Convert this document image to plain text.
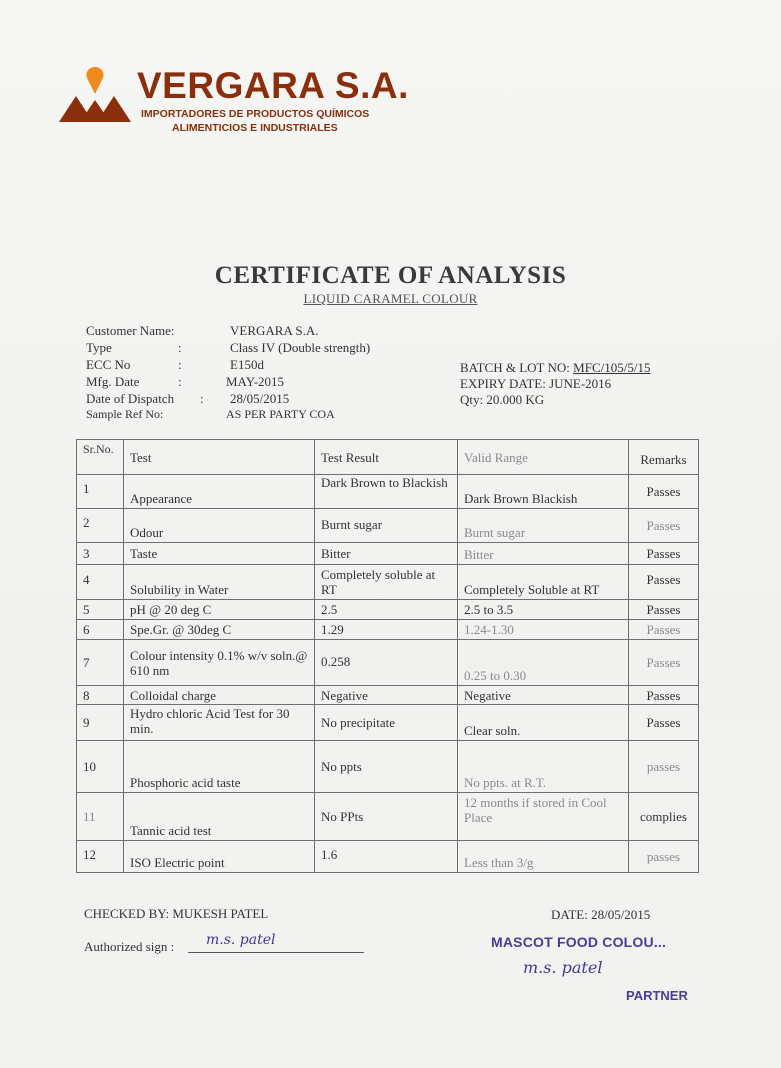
VERGARA S.A.
IMPORTADORES DE PRODUCTOS QUÍMICOS
ALIMENTICIOS E INDUSTRIALES
CERTIFICATE OF ANALYSIS
LIQUID CARAMEL COLOUR
Customer Name:	VERGARA S.A.
Type	:	Class IV (Double strength)
ECC No	:	E150d
Mfg. Date	:	MAY-2015
Date of Dispatch : 28/05/2015
Sample Ref No:	AS PER PARTY COA
BATCH & LOT NO: MFC/105/5/15
EXPIRY DATE: JUNE-2016
Qty: 20.000 KG
Sr.No.	Test	Test Result	Valid Range	Remarks
1	Appearance	Dark Brown to Blackish	Dark Brown Blackish	Passes
2	Odour	Burnt sugar	Burnt sugar	Passes
3	Taste	Bitter	Bitter	Passes
4	Solubility in Water	Completely soluble at RT	Completely Soluble at RT	Passes
5	pH @ 20 deg C	2.5	2.5 to 3.5	Passes
6	Spe.Gr. @ 30deg C	1.29	1.24-1.30	Passes
7	Colour intensity 0.1% w/v soln.@ 610 nm	0.258	0.25 to 0.30	Passes
8	Colloidal charge	Negative	Negative	Passes
9	Hydro chloric Acid Test for 30 min.	No precipitate	Clear soln.	Passes
10	Phosphoric acid taste	No ppts	No ppts. at R.T.	passes
11	Tannic acid test	No PPts	12 months if stored in Cool Place	complies
12	ISO Electric point	1.6	Less than 3/g	passes
CHECKED BY: MUKESH PATEL	DATE: 28/05/2015
Authorized sign : m.s. patel	MASCOT FOOD COLOU...
m.s. patel
PARTNER
